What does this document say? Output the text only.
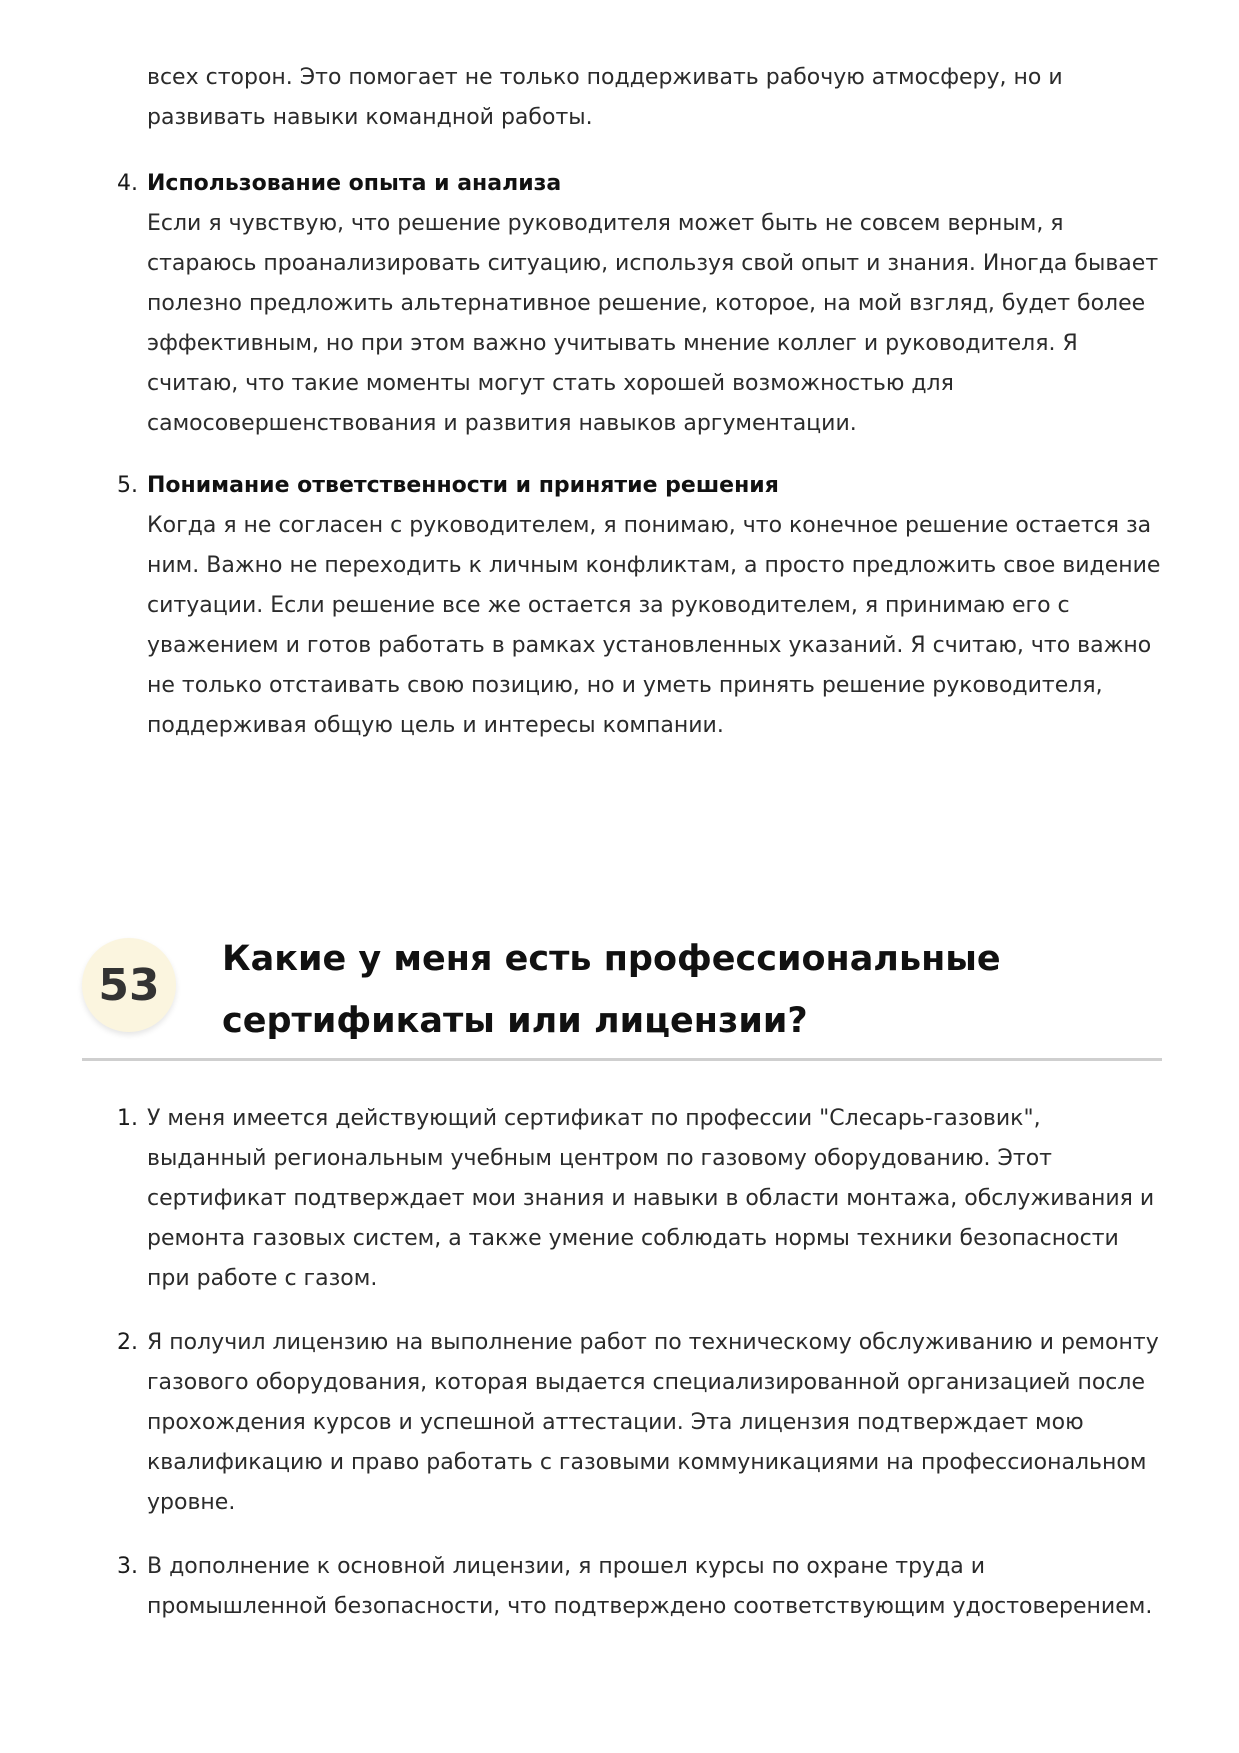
всех сторон. Это помогает не только поддерживать рабочую атмосферу, но и развивать навыки командной работы.
4. Использование опыта и анализа
Если я чувствую, что решение руководителя может быть не совсем верным, я стараюсь проанализировать ситуацию, используя свой опыт и знания. Иногда бывает полезно предложить альтернативное решение, которое, на мой взгляд, будет более эффективным, но при этом важно учитывать мнение коллег и руководителя. Я считаю, что такие моменты могут стать хорошей возможностью для самосовершенствования и развития навыков аргументации.
5. Понимание ответственности и принятие решения
Когда я не согласен с руководителем, я понимаю, что конечное решение остается за ним. Важно не переходить к личным конфликтам, а просто предложить свое видение ситуации. Если решение все же остается за руководителем, я принимаю его с уважением и готов работать в рамках установленных указаний. Я считаю, что важно не только отстаивать свою позицию, но и уметь принять решение руководителя, поддерживая общую цель и интересы компании.
53
Какие у меня есть профессиональные сертификаты или лицензии?
1. У меня имеется действующий сертификат по профессии "Слесарь-газовик", выданный региональным учебным центром по газовому оборудованию. Этот сертификат подтверждает мои знания и навыки в области монтажа, обслуживания и ремонта газовых систем, а также умение соблюдать нормы техники безопасности при работе с газом.
2. Я получил лицензию на выполнение работ по техническому обслуживанию и ремонту газового оборудования, которая выдается специализированной организацией после прохождения курсов и успешной аттестации. Эта лицензия подтверждает мою квалификацию и право работать с газовыми коммуникациями на профессиональном уровне.
3. В дополнение к основной лицензии, я прошел курсы по охране труда и промышленной безопасности, что подтверждено соответствующим удостоверением.
